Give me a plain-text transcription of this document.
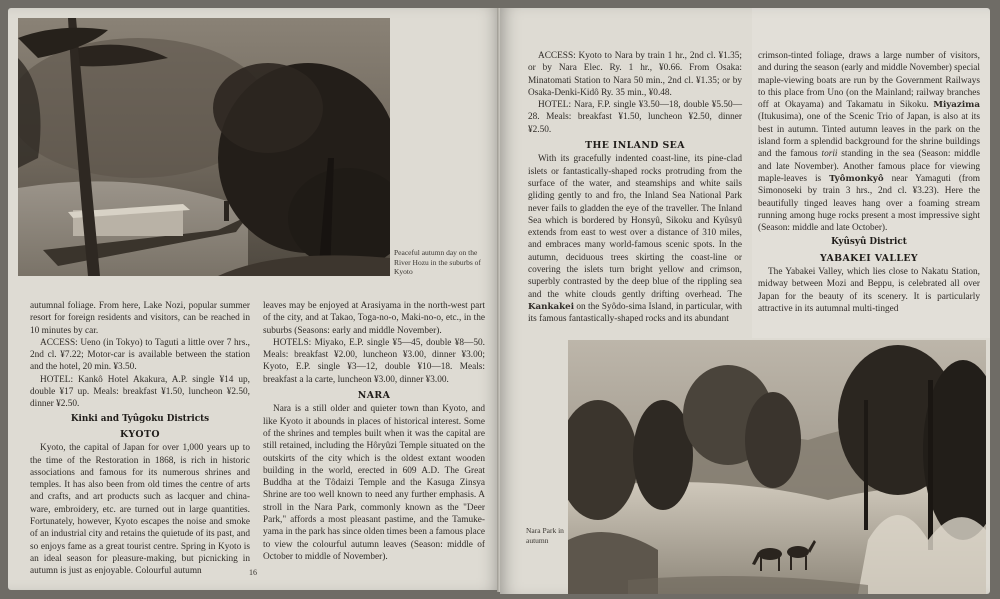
Peaceful autumn day on the River Hozu in the suburbs of Kyoto

autumnal foliage. From here, Lake Nozi, popular summer resort for foreign residents and visitors, can be reached in 10 minutes by car.

ACCESS: Ueno (in Tokyo) to Taguti a little over 7 hrs., 2nd cl. ¥7.22; Motor-car is available between the station and the hotel, 20 min. ¥3.50.

HOTEL: Kankô Hotel Akakura, A.P. single ¥14 up, double ¥17 up. Meals: breakfast ¥1.50, luncheon ¥2.50, dinner ¥2.50.

Kinki and Tyûgoku Districts
KYOTO

Kyoto, the capital of Japan for over 1,000 years up to the time of the Restoration in 1868, is rich in historic associations and famous for its numerous shrines and temples. It has also been from old times the centre of arts and crafts, and art products such as lacquer and china-ware, embroidery, etc. are turned out in large quantities. Fortunately, however, Kyoto escapes the noise and smoke of an industrial city and retains the quietude of its past, and so enjoys fame as a great tourist centre. Spring in Kyoto is an ideal season for pleasure-making, but picnicking in autumn is just as enjoyable. Colourful autumn

leaves may be enjoyed at Arasiyama in the north-west part of the city, and at Takao, Toga-no-o, Maki-no-o, etc., in the suburbs (Seasons: early and middle November).

HOTELS: Miyako, E.P. single ¥5—45, double ¥8—50. Meals: breakfast ¥2.00, luncheon ¥3.00, dinner ¥3.00; Kyoto, E.P. single ¥3—12, double ¥10—18. Meals: breakfast a la carte, luncheon ¥3.00, dinner ¥3.00.

NARA

Nara is a still older and quieter town than Kyoto, and like Kyoto it abounds in places of historical interest. Some of the shrines and temples built when it was the capital are still retained, including the Hôryûzi Temple situated on the outskirts of the city which is the oldest extant wooden building in the world, erected in 609 A.D. The Great Buddha at the Tôdaizi Temple and the Kasuga Zinsya Shrine are too well known to need any further emphasis. A stroll in the Nara Park, commonly known as the "Deer Park," affords a most pleasant pastime, and the Tamuke-yama in the park has since olden times been a famous place to view the colourful autumn leaves (Season: middle of October to middle of November).

16

ACCESS: Kyoto to Nara by train 1 hr., 2nd cl. ¥1.35; or by Nara Elec. Ry. 1 hr., ¥0.66. From Osaka: Minatomati Station to Nara 50 min., 2nd cl. ¥1.35; or by Osaka-Denki-Kidô Ry. 35 min., ¥0.48.

HOTEL: Nara, F.P. single ¥3.50—18, double ¥5.50—28. Meals: breakfast ¥1.50, luncheon ¥2.50, dinner ¥2.50.

THE INLAND SEA

With its gracefully indented coast-line, its pine-clad islets or fantastically-shaped rocks protruding from the surface of the water, and steamships and white sails gliding gently to and fro, the Inland Sea National Park never fails to gladden the eye of the traveller. The Inland Sea which is bordered by Honsyû, Sikoku and Kyûsyû extends from east to west over a distance of 310 miles, and embraces many world-famous scenic spots. In the autumn, deciduous trees skirting the coast-line or covering the islets turn bright yellow and crimson, superbly contrasted by the deep blue of the rippling sea and the white clouds gently drifting overhead. The Kankakei on the Syôdo-sima Island, in particular, with its famous fantastically-shaped rocks and its abundant

crimson-tinted foliage, draws a large number of visitors, and during the season (early and middle November) special maple-viewing boats are run by the Government Railways to this place from Uno (on the Mainland; railway branches off at Okayama) and Takamatu in Sikoku. Miyazima (Itukusima), one of the Scenic Trio of Japan, is also at its best in autumn. Tinted autumn leaves in the park on the island form a splendid background for the shrine buildings and the famous torii standing in the sea (Season: middle and late November). Another famous place for viewing maple-leaves is Tyômonkyô near Yamaguti (from Simonoseki by train 3 hrs., 2nd cl. ¥3.23). Here the beautifully tinged leaves hang over a foaming stream running among huge rocks present a most impressive sight (Season: middle and late October).

Kyûsyû District
YABAKEI VALLEY

The Yabakei Valley, which lies close to Nakatu Station, midway between Mozi and Beppu, is celebrated all over Japan for the beauty of its scenery. It is particularly attractive in its autumnal multi-tinged

Nara Park in autumn
